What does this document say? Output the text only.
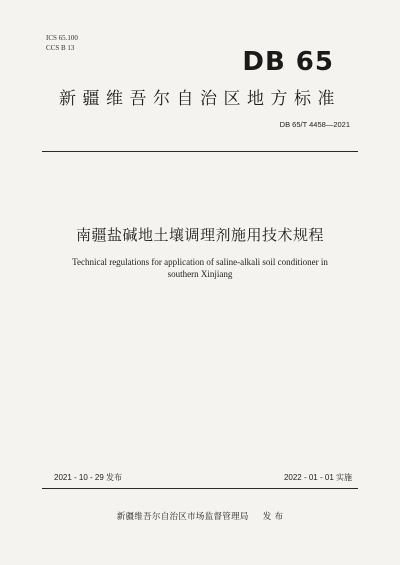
ICS 65.100
CCS B 13	DB 65
新疆维吾尔自治区地方标准
DB 65/T 4458—2021
南疆盐碱地土壤调理剂施用技术规程
Technical regulations for application of saline-alkali soil conditioner in southern Xinjiang
2021 - 10 - 29 发布	2022 - 01 - 01 实施
新疆维吾尔自治区市场监督管理局 发 布
